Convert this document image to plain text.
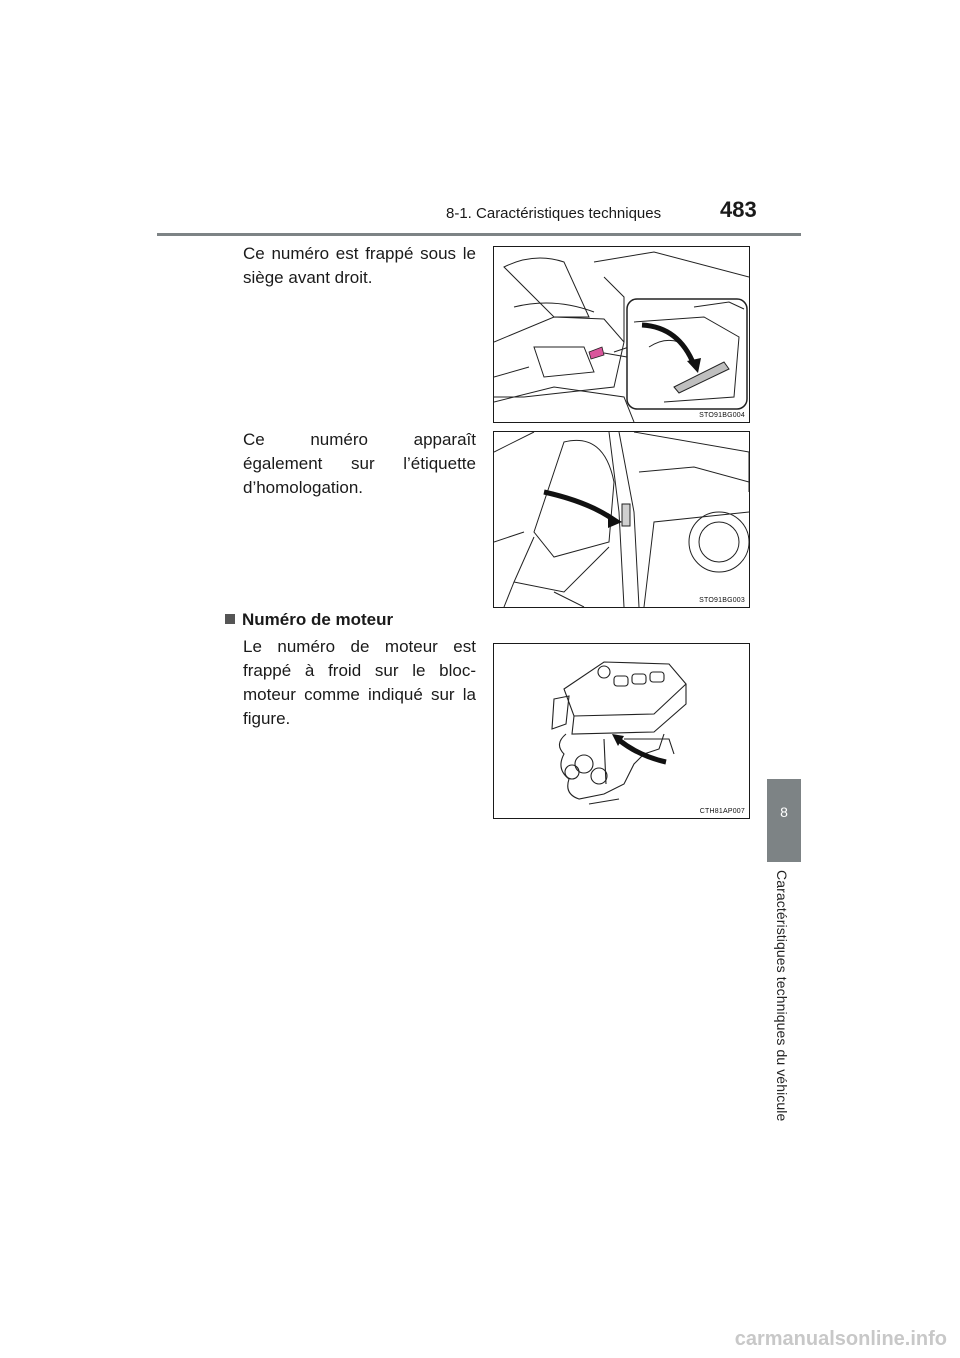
8-1. Caractéristiques techniques	483
8
Caractéristiques techniques du véhicule
Ce numéro est frappé sous le siège avant droit.
Ce numéro apparaît également sur l’étiquette d’homologation.
Numéro de moteur
Le numéro de moteur est frappé à froid sur le bloc-moteur comme indiqué sur la figure.
STO91BG004
STO91BG003
CTH81AP007
carmanualsonline.info
